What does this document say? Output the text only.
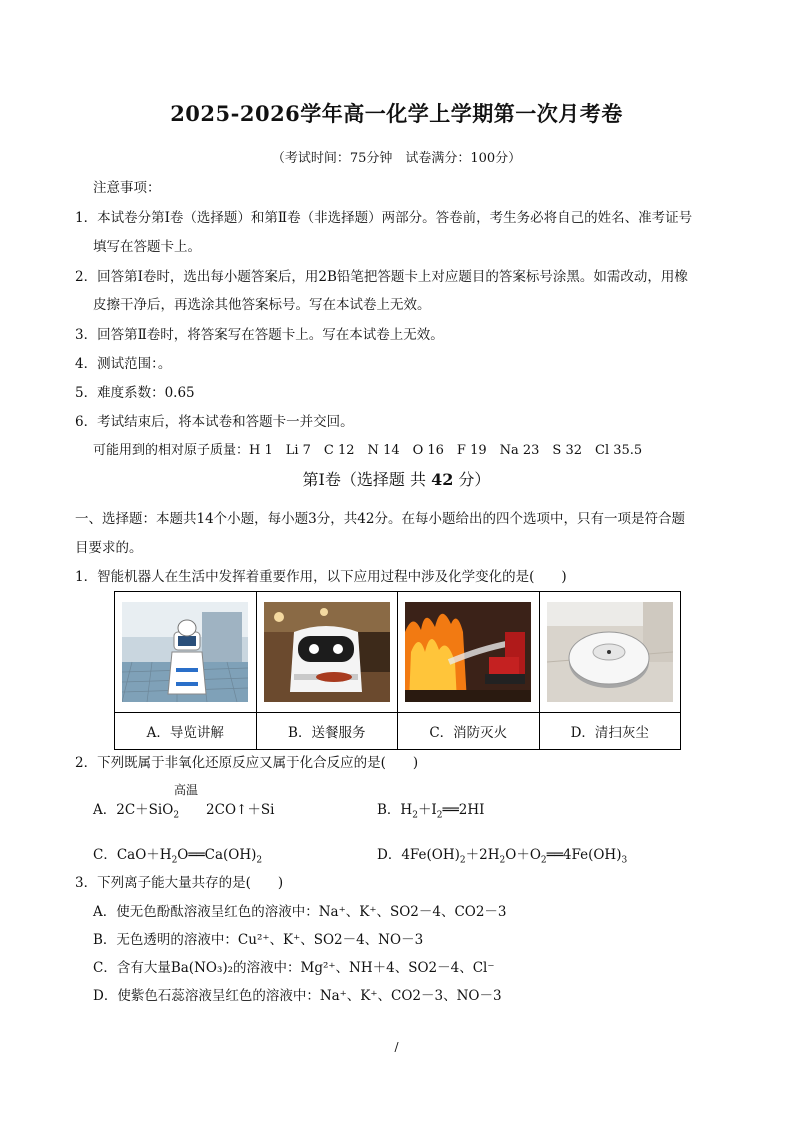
2025-2026学年高一化学上学期第一次月考卷
（考试时间：75分钟　试卷满分：100分）
注意事项：
1．本试卷分第Ⅰ卷（选择题）和第Ⅱ卷（非选择题）两部分。答卷前，考生务必将自己的姓名、准考证号
填写在答题卡上。
2．回答第Ⅰ卷时，选出每小题答案后，用2B铅笔把答题卡上对应题目的答案标号涂黑。如需改动，用橡
皮擦干净后，再选涂其他答案标号。写在本试卷上无效。
3．回答第Ⅱ卷时，将答案写在答题卡上。写在本试卷上无效。
4．测试范围：。
5．难度系数：0.65
6．考试结束后，将本试卷和答题卡一并交回。
可能用到的相对原子质量：H 1　Li 7　C 12　N 14　O 16　F 19　Na 23　S 32　Cl 35.5
第Ⅰ卷（选择题 共 42 分）
一、选择题：本题共14个小题，每小题3分，共42分。在每小题给出的四个选项中，只有一项是符合题
目要求的。
1．智能机器人在生活中发挥着重要作用，以下应用过程中涉及化学变化的是(　　)

A．导览讲解	B．送餐服务	C．消防灭火	D．清扫灰尘
2．下列既属于非氧化还原反应又属于化合反应的是(　　)
高温
A．2C＋SiO$_2$　　2CO↑＋Si	B．$H_2+I_2══2HI$
C．$CaO+H_2O══Ca(OH)_2$	D．$4Fe(OH)_2+2H_2O+O_2══4Fe(OH)_3$
3．下列离子能大量共存的是(　　)
A．使无色酚酞溶液呈红色的溶液中：Na⁺、K⁺、SO2－4、CO2－3
B．无色透明的溶液中：Cu²⁺、K⁺、SO2－4、NO－3
C．含有大量Ba(NO₃)₂的溶液中：Mg²⁺、NH＋4、SO2－4、Cl⁻
D．使紫色石蕊溶液呈红色的溶液中：Na⁺、K⁺、CO2－3、NO－3
/
